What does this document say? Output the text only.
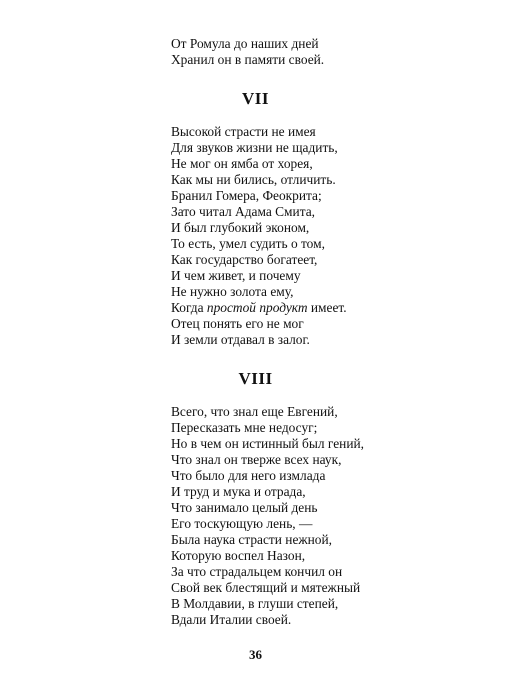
От Ромула до наших дней
Хранил он в памяти своей.
VII
Высокой страсти не имея
Для звуков жизни не щадить,
Не мог он ямба от хорея,
Как мы ни бились, отличить.
Бранил Гомера, Феокрита;
Зато читал Адама Смита,
И был глубокий эконом,
То есть, умел судить о том,
Как государство богатеет,
И чем живет, и почему
Не нужно золота ему,
Когда простой продукт имеет.
Отец понять его не мог
И земли отдавал в залог.
VIII
Всего, что знал еще Евгений,
Пересказать мне недосуг;
Но в чем он истинный был гений,
Что знал он тверже всех наук,
Что было для него измлада
И труд и мука и отрада,
Что занимало целый день
Его тоскующую лень, —
Была наука страсти нежной,
Которую воспел Назон,
За что страдальцем кончил он
Свой век блестящий и мятежный
В Молдавии, в глуши степей,
Вдали Италии своей.
36
